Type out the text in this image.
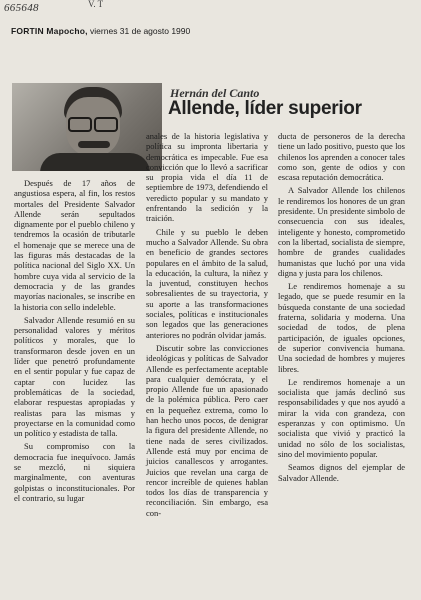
665648	V. T
FORTIN Mapocho, viernes 31 de agosto 1990
Hernán del Canto
Allende, líder superior

Después de 17 años de angustiosa espera, al fin, los restos mortales del Presidente Salvador Allende serán sepultados dignamente por el pueblo chileno y tendremos la ocasión de tributarle el homenaje que se merece una de las figuras más destacadas de la política nacional del Siglo XX. Un hombre cuya vida al servicio de la democracia y de las grandes mayorías nacionales, se inscribe en la historia con sello indeleble.

Salvador Allende resumió en su personalidad valores y méritos políticos y morales, que lo transformaron desde joven en un líder que penetró profundamente en el sentir popular y fue capaz de captar con lucidez las problemáticas de la sociedad, elaborar respuestas apropiadas y realistas para las mismas y proyectarse en la comunidad como un político y estadista de talla.

Su compromiso con la democracia fue inequívoco. Jamás se mezcló, ni siquiera marginalmente, con aventuras golpistas o inconstitucionales. Por el contrario, su lugar

anales de la historia legislativa y política su impronta libertaria y democrática es impecable. Fue esa convicción que lo llevó a sacrificar su propia vida el día 11 de septiembre de 1973, defendiendo el veredicto popular y su mandato y enfrentando la sedición y la traición.

Chile y su pueblo le deben mucho a Salvador Allende. Su obra en beneficio de grandes sectores populares en el ámbito de la salud, la educación, la cultura, la niñez y la juventud, constituyen hechos sobresalientes de su trayectoria, y su aporte a las transformaciones sociales, políticas e institucionales son legados que las generaciones anteriores no podrán olvidar jamás.

Discutir sobre las convicciones ideológicas y políticas de Salvador Allende es perfectamente aceptable para cualquier demócrata, y el propio Allende fue un apasionado de la polémica pública. Pero caer en la pequeñez extrema, como lo han hecho unos pocos, de denigrar la figura del presidente Allende, no tiene nada de seres civilizados. Allende está muy por encima de juicios canallescos y arrogantes. Juicios que revelan una carga de rencor increíble de quienes hablan todos los días de transparencia y reconciliación. Sin embargo, esa con-

ducta de personeros de la derecha tiene un lado positivo, puesto que los chilenos los aprenden a conocer tales como son, gente de odios y con escasa reputación democrática.

A Salvador Allende los chilenos le rendiremos los honores de un gran presidente. Un presidente simbolo de consecuencia con sus ideales, inteligente y honesto, comprometido con la libertad, socialista de siempre, hombre de grandes cualidades humanistas que luchó por una vida digna y justa para los chilenos.

Le rendiremos homenaje a su legado, que se puede resumir en la búsqueda constante de una sociedad fraterna, solidaria y moderna. Una sociedad de todos, de plena participación, de iguales opciones, de superior convivencia humana. Una sociedad de hombres y mujeres libres.

Le rendiremos homenaje a un socialista que jamás declinó sus responsabilidades y que nos ayudó a mirar la vida con grandeza, con esperanzas y con optimismo. Un socialista que vivió y practicó la unidad no sólo de los socialistas, sino del movimiento popular.

Seamos dignos del ejemplar de Salvador Allende.
